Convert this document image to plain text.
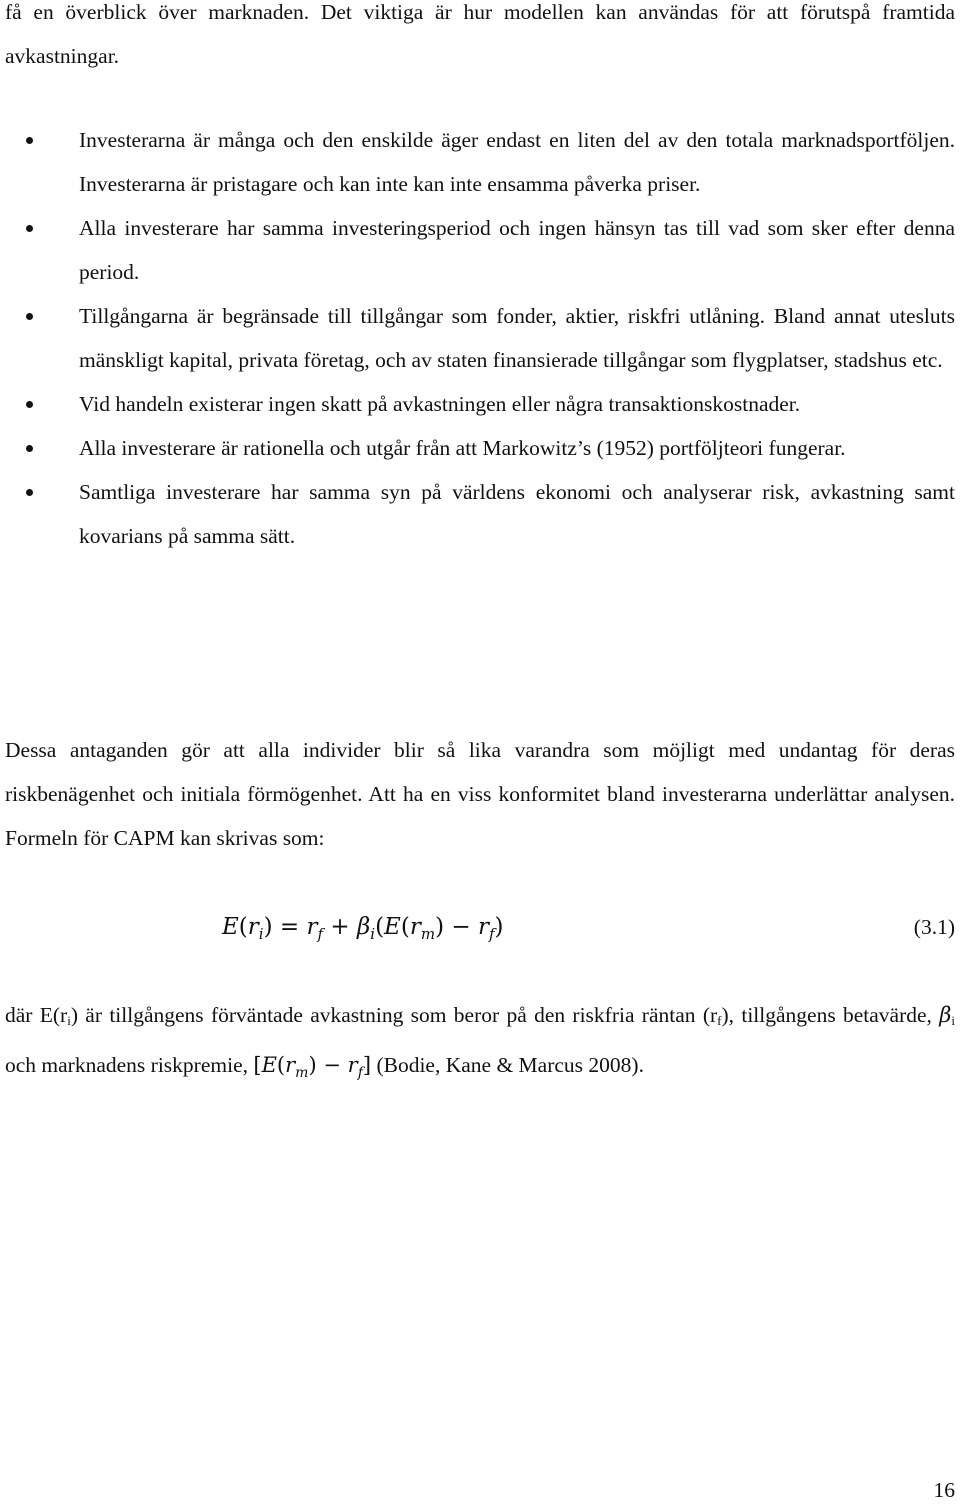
få en överblick över marknaden. Det viktiga är hur modellen kan användas för att förutspå framtida avkastningar.

Investerarna är många och den enskilde äger endast en liten del av den totala marknadsportföljen. Investerarna är pristagare och kan inte kan inte ensamma påverka priser.
Alla investerare har samma investeringsperiod och ingen hänsyn tas till vad som sker efter denna period.
Tillgångarna är begränsade till tillgångar som fonder, aktier, riskfri utlåning. Bland annat utesluts mänskligt kapital, privata företag, och av staten finansierade tillgångar som flygplatser, stadshus etc.
Vid handeln existerar ingen skatt på avkastningen eller några transaktionskostnader.
Alla investerare är rationella och utgår från att Markowitz’s (1952) portföljteori fungerar.
Samtliga investerare har samma syn på världens ekonomi och analyserar risk, avkastning samt kovarians på samma sätt.

Dessa antaganden gör att alla individer blir så lika varandra som möjligt med undantag för deras riskbenägenhet och initiala förmögenhet. Att ha en viss konformitet bland investerarna underlättar analysen. Formeln för CAPM kan skrivas som:

$E(r_i) = r_f + \beta_i(E(r_m) - r_f)$	(3.1)

där $E(r_i)$ är tillgångens förväntade avkastning som beror på den riskfria räntan $(r_f)$, tillgångens betavärde, $\beta_i$ och marknadens riskpremie, $[E(r_m) - r_f]$ (Bodie, Kane & Marcus 2008).

16
